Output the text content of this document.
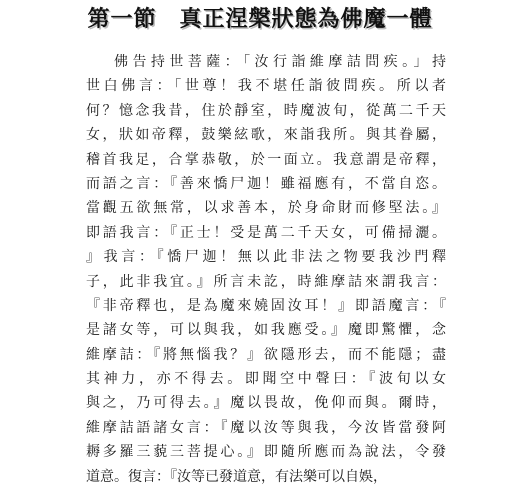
第一節　真正涅槃狀態為佛魔一體
佛告持世菩薩：「汝行詣維摩詰問疾。」持
世白佛言：「世尊！我不堪任詣彼問疾。所以者
何？憶念我昔，住於靜室，時魔波旬，從萬二千天
女，狀如帝釋，鼓樂絃歌，來詣我所。與其眷屬，
稽首我足，合掌恭敬，於一面立。我意謂是帝釋，
而語之言：『善來憍尸迦！雖福應有，不當自恣。
當觀五欲無常，以求善本，於身命財而修堅法。』
即語我言：『正士！受是萬二千天女，可備掃灑。
』我言：『憍尸迦！無以此非法之物要我沙門釋
子，此非我宜。』所言未訖，時維摩詰來謂我言：
『非帝釋也，是為魔來嬈固汝耳！』即語魔言：『
是諸女等，可以與我，如我應受。』魔即驚懼，念
維摩詰：『將無惱我？』欲隱形去，而不能隱；盡
其神力，亦不得去。即聞空中聲曰：『波旬以女
與之，乃可得去。』魔以畏故，俛仰而與。爾時，
維摩詰語諸女言：『魔以汝等與我，今汝皆當發阿
耨多羅三藐三菩提心。』即隨所應而為說法，令發
道意。復言：『汝等已發道意，有法樂可以自娛，
